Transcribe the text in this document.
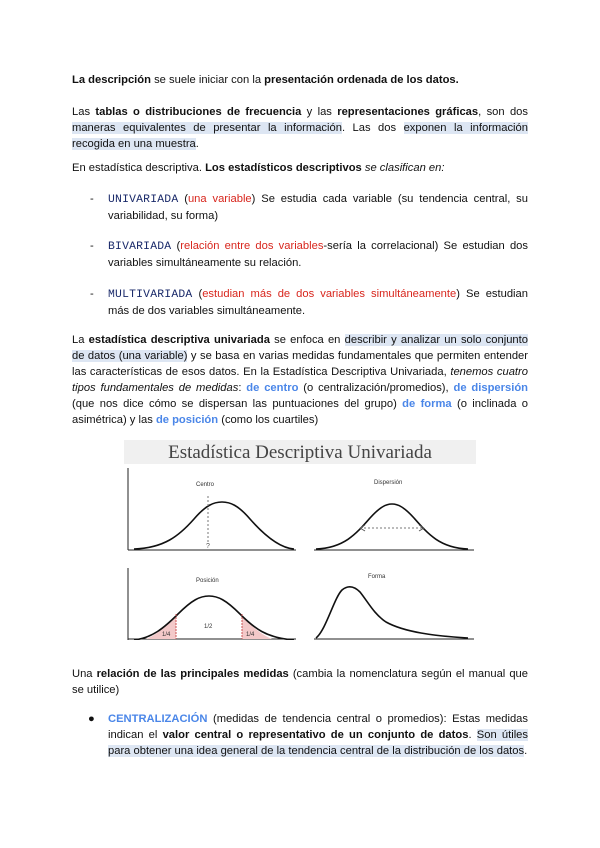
La descripción se suele iniciar con la presentación ordenada de los datos.

Las tablas o distribuciones de frecuencia y las representaciones gráficas, son dos maneras equivalentes de presentar la información. Las dos exponen la información recogida en una muestra.

En estadística descriptiva. Los estadísticos descriptivos se clasifican en:

- UNIVARIADA (una variable) Se estudia cada variable (su tendencia central, su variabilidad, su forma)

- BIVARIADA (relación entre dos variables-sería la correlacional) Se estudian dos variables simultáneamente su relación.

- MULTIVARIADA (estudian más de dos variables simultáneamente) Se estudian más de dos variables simultáneamente.

La estadística descriptiva univariada se enfoca en describir y analizar un solo conjunto de datos (una variable) y se basa en varias medidas fundamentales que permiten entender las características de esos datos. En la Estadística Descriptiva Univariada, tenemos cuatro tipos fundamentales de medidas: de centro (o centralización/promedios), de dispersión (que nos dice cómo se dispersan las puntuaciones del grupo) de forma (o inclinada o asimétrica) y las de posición (como los cuartiles)

Estadística Descriptiva Univariada
Centro
?
Dispersión
Posición
1/4
1/2
1/4
Forma

Una relación de las principales medidas (cambia la nomenclatura según el manual que se utilice)

● CENTRALIZACIÓN (medidas de tendencia central o promedios): Estas medidas indican el valor central o representativo de un conjunto de datos. Son útiles para obtener una idea general de la tendencia central de la distribución de los datos.
